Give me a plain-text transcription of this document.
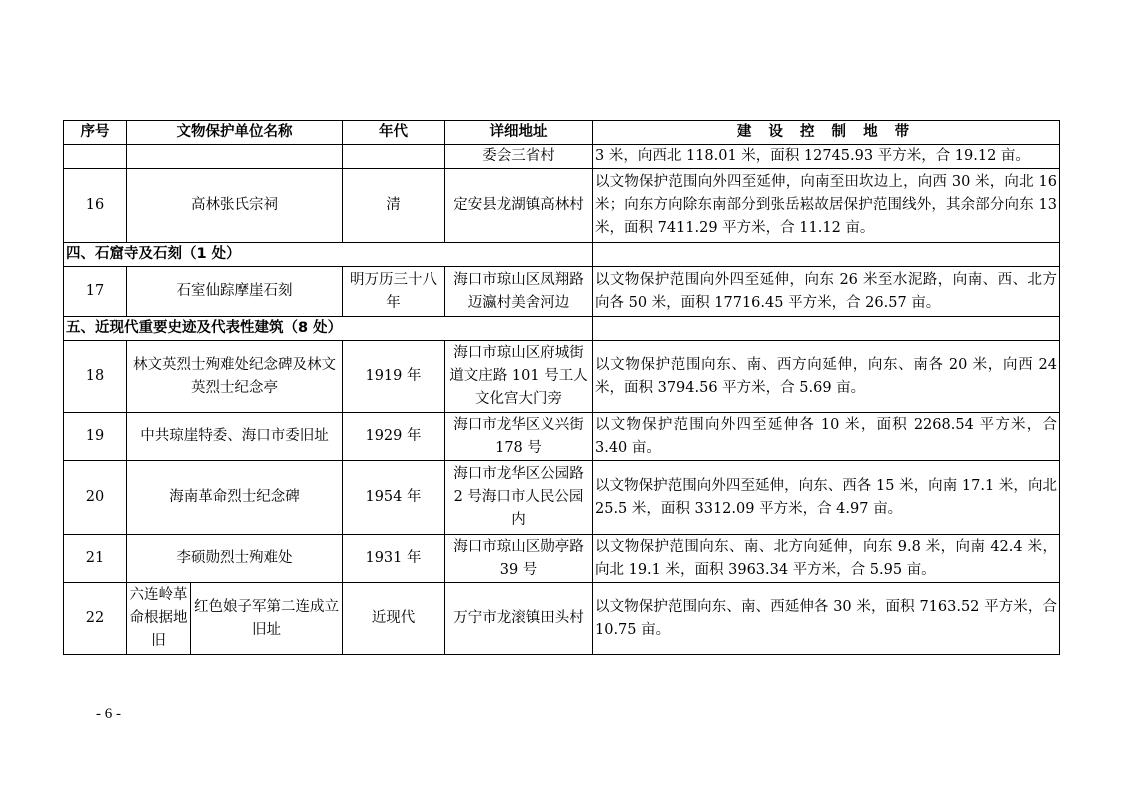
序号	文物保护单位名称		年代	详细地址	建 设 控 制 地 带
				委会三省村	3 米，向西北 118.01 米，面积 12745.93 平方米，合 19.12 亩。
16	高林张氏宗祠		清	定安县龙湖镇高林村	以文物保护范围向外四至延伸，向南至田坎边上，向西 30 米，向北 16 米；向东方向除东南部分到张岳崧故居保护范围线外，其余部分向东 13 米，面积 7411.29 平方米，合 11.12 亩。
四、石窟寺及石刻（1 处）					
17	石室仙踪摩崖石刻		明万历三十八年	海口市琼山区凤翔路迈瀛村美舍河边	以文物保护范围向外四至延伸，向东 26 米至水泥路，向南、西、北方向各 50 米，面积 17716.45 平方米，合 26.57 亩。
五、近现代重要史迹及代表性建筑（8 处）					
18	林文英烈士殉难处纪念碑及林文英烈士纪念亭		1919 年	海口市琼山区府城街道文庄路 101 号工人文化宫大门旁	以文物保护范围向东、南、西方向延伸，向东、南各 20 米，向西 24 米，面积 3794.56 平方米，合 5.69 亩。
19	中共琼崖特委、海口市委旧址		1929 年	海口市龙华区义兴街 178 号	以文物保护范围向外四至延伸各 10 米，面积 2268.54 平方米，合 3.40 亩。
20	海南革命烈士纪念碑		1954 年	海口市龙华区公园路 2 号海口市人民公园内	以文物保护范围向外四至延伸，向东、西各 15 米，向南 17.1 米，向北 25.5 米，面积 3312.09 平方米，合 4.97 亩。
21	李硕勋烈士殉难处		1931 年	海口市琼山区勋亭路 39 号	以文物保护范围向东、南、北方向延伸，向东 9.8 米，向南 42.4 米，向北 19.1 米，面积 3963.34 平方米，合 5.95 亩。
22	六连岭革命根据地旧	红色娘子军第二连成立旧址	近现代	万宁市龙滚镇田头村	以文物保护范围向东、南、西延伸各 30 米，面积 7163.52 平方米，合 10.75 亩。
- 6 -
